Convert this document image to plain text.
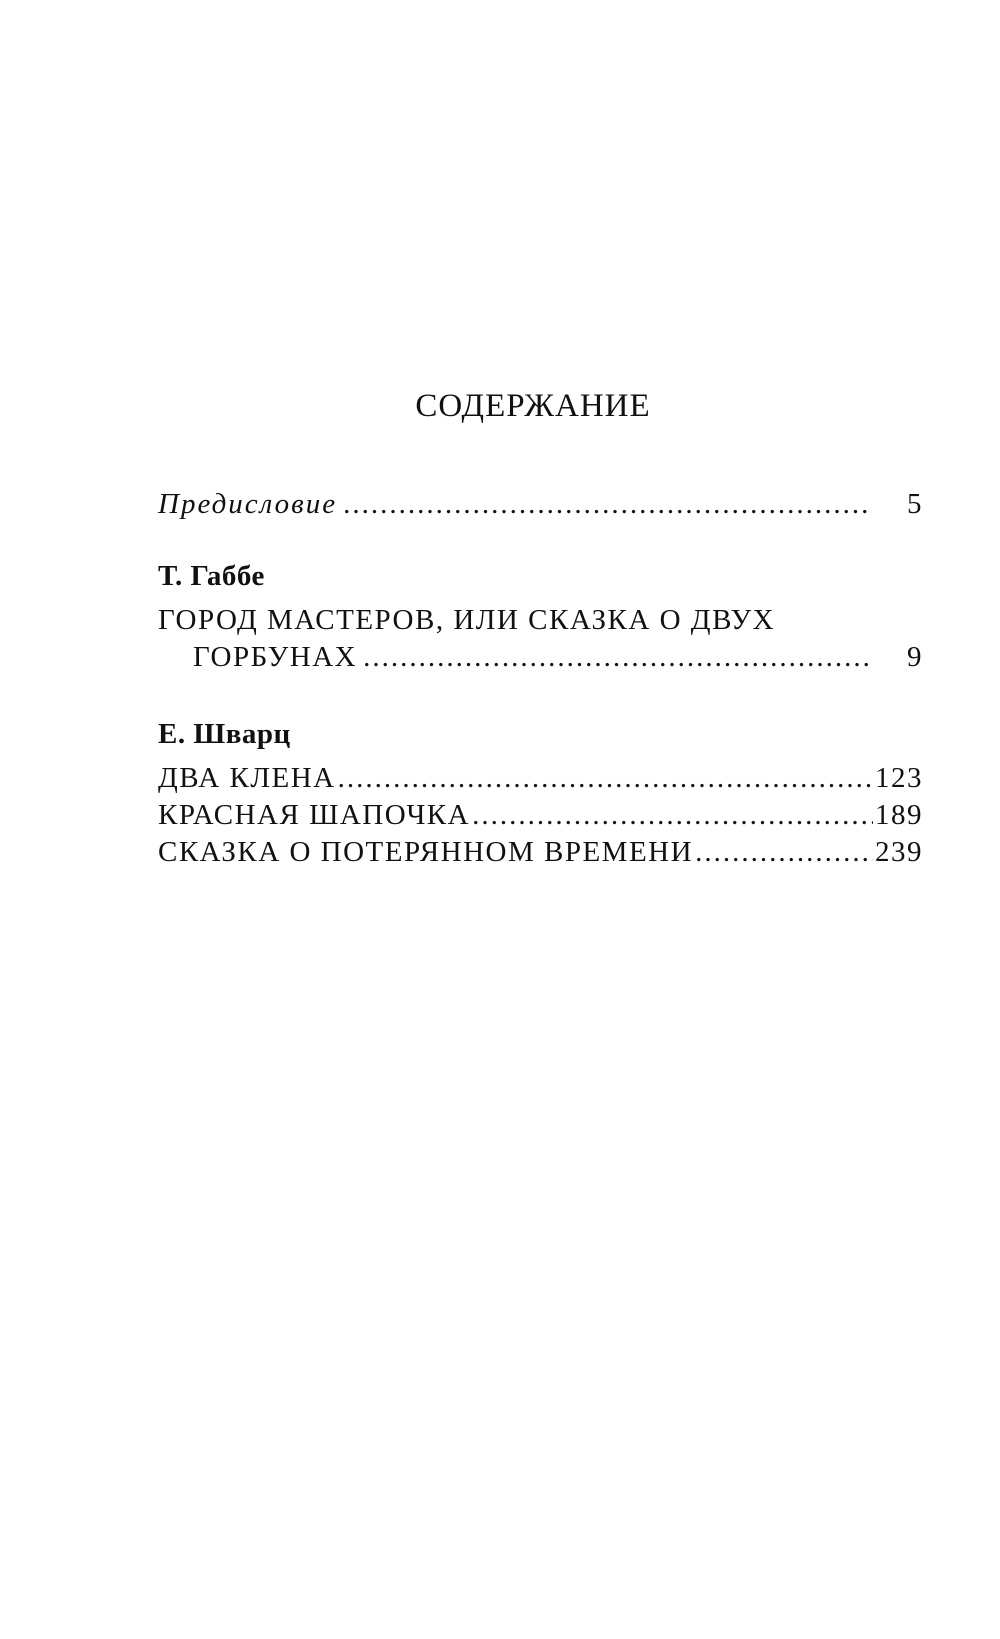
СОДЕРЖАНИЕ
Предисловие .....	5
Т. Габбе
ГОРОД МАСТЕРОВ, ИЛИ СКАЗКА О ДВУХ
ГОРБУНАХ .....	9
Е. Шварц
ДВА КЛЕНА .....	123
КРАСНАЯ ШАПОЧКА .....	189
СКАЗКА О ПОТЕРЯННОМ ВРЕМЕНИ .....	239
